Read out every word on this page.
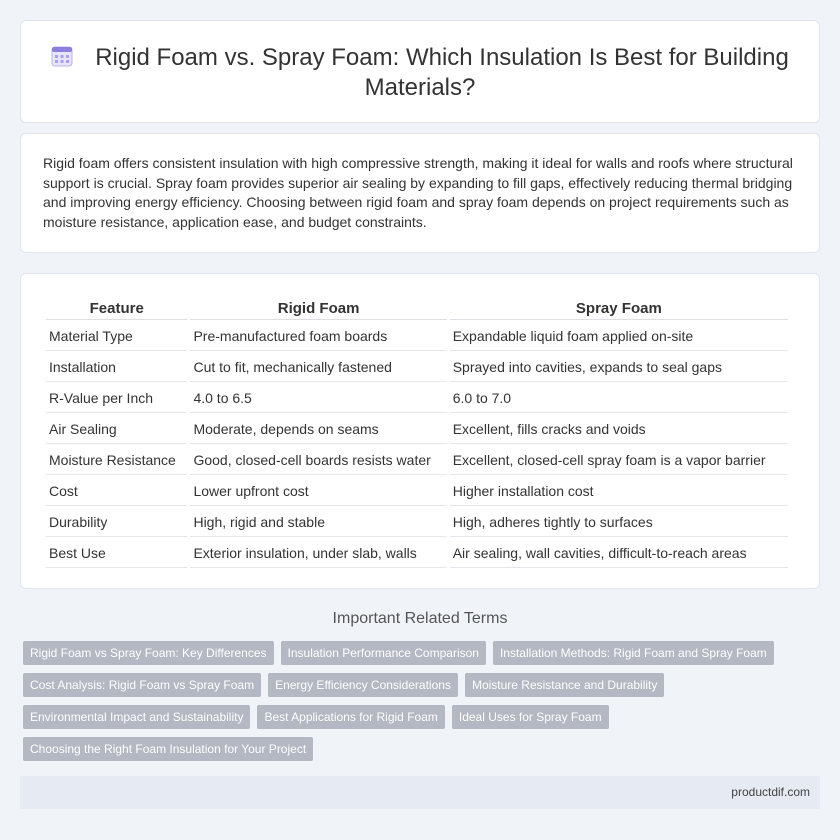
Rigid Foam vs. Spray Foam: Which Insulation Is Best for Building Materials?

Rigid foam offers consistent insulation with high compressive strength, making it ideal for walls and roofs where structural support is crucial. Spray foam provides superior air sealing by expanding to fill gaps, effectively reducing thermal bridging and improving energy efficiency. Choosing between rigid foam and spray foam depends on project requirements such as moisture resistance, application ease, and budget constraints.

Feature	Rigid Foam	Spray Foam
Material Type	Pre-manufactured foam boards	Expandable liquid foam applied on-site
Installation	Cut to fit, mechanically fastened	Sprayed into cavities, expands to seal gaps
R-Value per Inch	4.0 to 6.5	6.0 to 7.0
Air Sealing	Moderate, depends on seams	Excellent, fills cracks and voids
Moisture Resistance	Good, closed-cell boards resists water	Excellent, closed-cell spray foam is a vapor barrier
Cost	Lower upfront cost	Higher installation cost
Durability	High, rigid and stable	High, adheres tightly to surfaces
Best Use	Exterior insulation, under slab, walls	Air sealing, wall cavities, difficult-to-reach areas
Important Related Terms
Rigid Foam vs Spray Foam: Key Differences	Insulation Performance Comparison	Installation Methods: Rigid Foam and Spray Foam
Cost Analysis: Rigid Foam vs Spray Foam	Energy Efficiency Considerations	Moisture Resistance and Durability
Environmental Impact and Sustainability	Best Applications for Rigid Foam	Ideal Uses for Spray Foam
Choosing the Right Foam Insulation for Your Project
productdif.com
